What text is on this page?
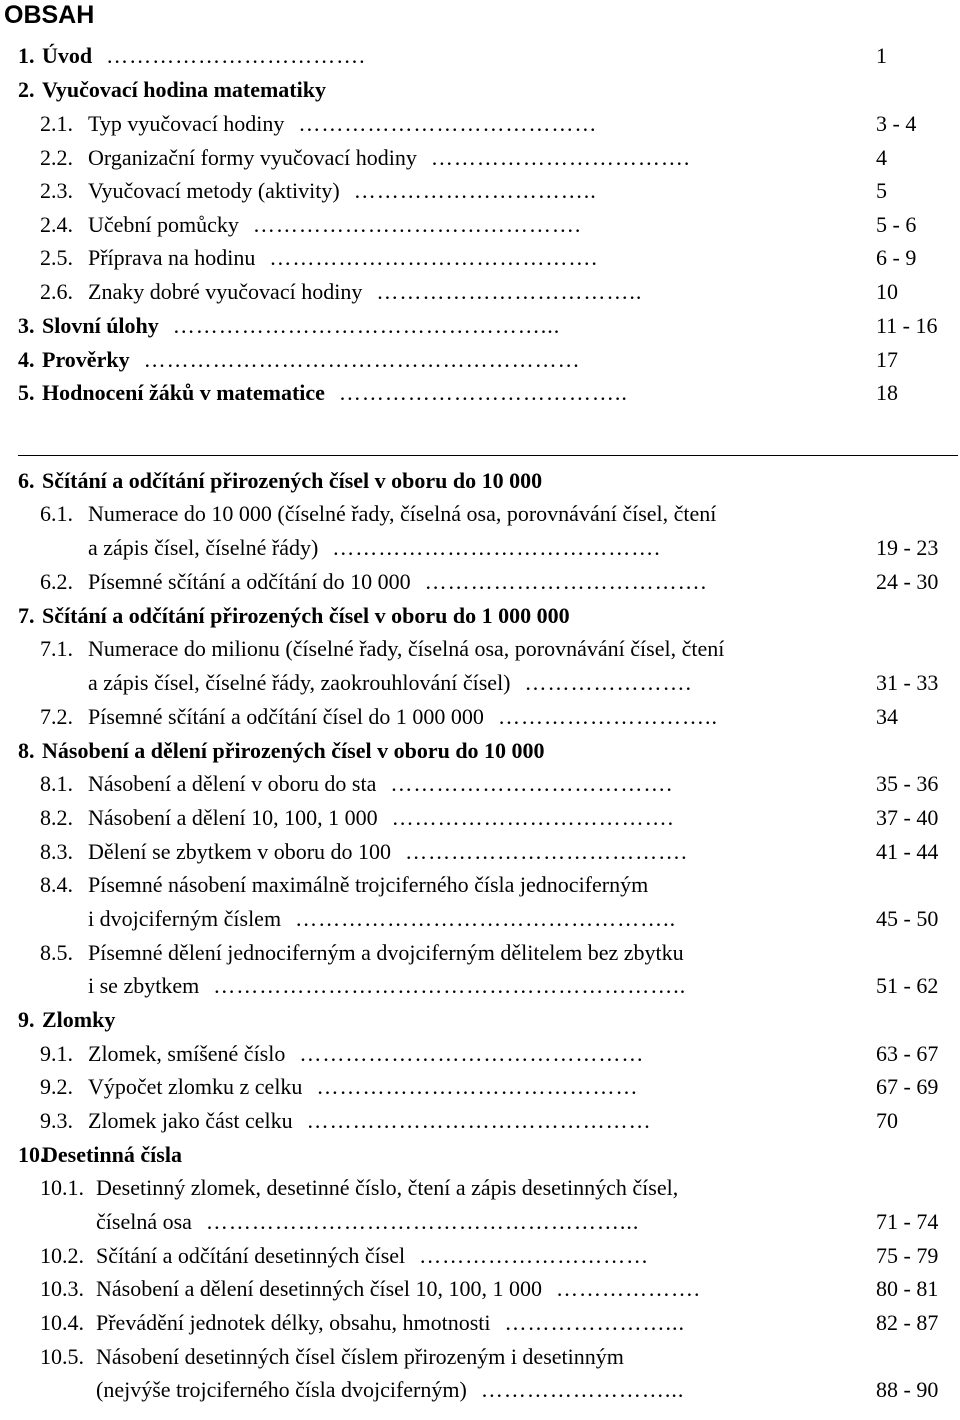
OBSAH
1. Úvod …………………………….	1
2. Vyučovací hodina matematiky
2.1. Typ vyučovací hodiny …………………………………	3 - 4
2.2. Organizační formy vyučovací hodiny …………………………….	4
2.3. Vyučovací metody (aktivity) …………………………..	5
2.4. Učební pomůcky …………………………………….	5 - 6
2.5. Příprava na hodinu …………………………………….	6 - 9
2.6. Znaky dobré vyučovací hodiny ……………………………..	10
3. Slovní úlohy …………………………………………...	11 - 16
4. Prověrky …………………………………………………	17
5. Hodnocení žáků v matematice ………………………………..	18
6. Sčítání a odčítání přirozených čísel v oboru do 10 000
6.1. Numerace do 10 000 (číselné řady, číselná osa, porovnávání čísel, čtení
a zápis čísel, číselné řády) …………………………………….	19 - 23
6.2. Písemné sčítání a odčítání do 10 000 ……………………………….	24 - 30
7. Sčítání a odčítání přirozených čísel v oboru do 1 000 000
7.1. Numerace do milionu (číselné řady, číselná osa, porovnávání čísel, čtení
a zápis čísel, číselné řády, zaokrouhlování čísel) ………………….	31 - 33
7.2. Písemné sčítání a odčítání čísel do 1 000 000 ………………………..	34
8. Násobení a dělení přirozených čísel v oboru do 10 000
8.1. Násobení a dělení v oboru do sta ……………………………….	35 - 36
8.2. Násobení a dělení 10, 100, 1 000 ……………………………….	37 - 40
8.3. Dělení se zbytkem v oboru do 100 ……………………………….	41 - 44
8.4. Písemné násobení maximálně trojciferného čísla jednociferným
i dvojciferným číslem …………………………………………..	45 - 50
8.5. Písemné dělení jednociferným a dvojciferným dělitelem bez zbytku
i se zbytkem ……………………………………………………..	51 - 62
9. Zlomky
9.1. Zlomek, smíšené číslo ………………………………………	63 - 67
9.2. Výpočet zlomku z celku ……………………………………	67 - 69
9.3. Zlomek jako část celku ………………………………………	70
10.
Desetinná čísla
10.1. Desetinný zlomek, desetinné číslo, čtení a zápis desetinných čísel,
číselná osa ………………………………………………...	71 - 74
10.2. Sčítání a odčítání desetinných čísel …………………………	75 - 79
10.3. Násobení a dělení desetinných čísel 10, 100, 1 000 ……………….	80 - 81
10.4. Převádění jednotek délky, obsahu, hmotnosti …………………...	82 - 87
10.5. Násobení desetinných čísel číslem přirozeným i desetinným
(nejvýše trojciferného čísla dvojciferným) ……………………...	88 - 90
